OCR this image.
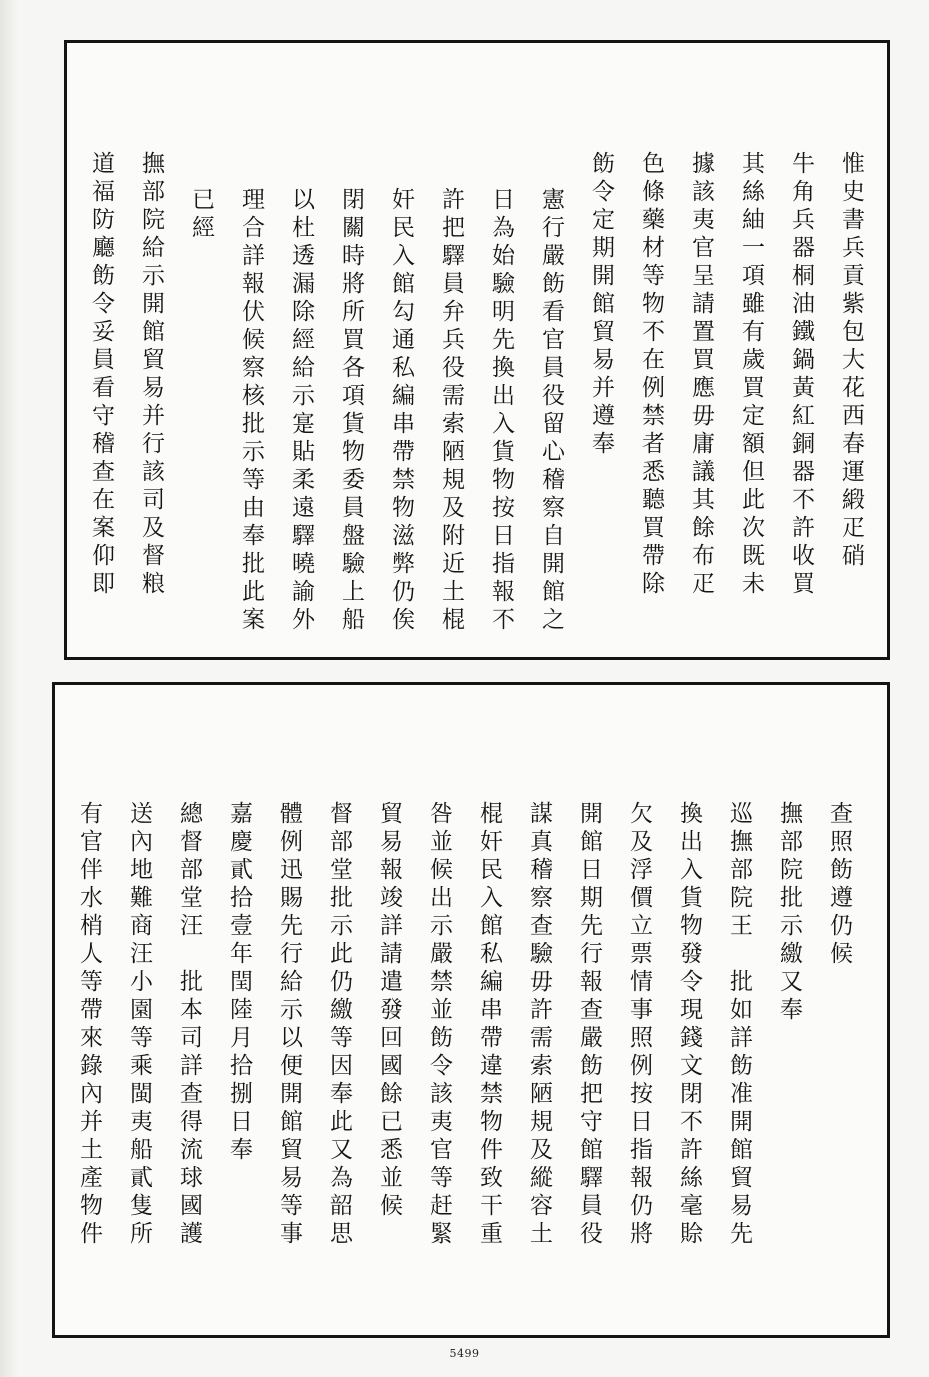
惟史書兵貢紫包大花西春運緞疋硝
牛角兵器桐油鐵鍋黃紅銅器不許收買
其絲紬一項雖有歲買定額但此次既未
據該夷官呈請置買應毋庸議其餘布疋
色條藥材等物不在例禁者悉聽買帶除
飭令定期開館貿易并遵奉
憲行嚴飭看官員役留心稽察自開館之
日為始驗明先換出入貨物按日指報不
許把驛員弁兵役需索陋規及附近土棍
奸民入館勾通私編串帶禁物滋弊仍俟
閉關時將所買各項貨物委員盤驗上船
以杜透漏除經給示寔貼柔遠驛曉諭外
理合詳報伏候察核批示等由奉批此案
已經
撫部院給示開館貿易并行該司及督粮
道福防廳飭令妥員看守稽查在案仰即
查照飭遵仍候
撫部院批示繳又奉
巡撫部院王　批如詳飭准開館貿易先
換出入貨物發令現錢文閉不許絲毫賒
欠及浮價立票情事照例按日指報仍將
開館日期先行報查嚴飭把守館驛員役
謀真稽察查驗毋許需索陋規及縱容土
棍奸民入館私編串帶違禁物件致干重
咎並候出示嚴禁並飭令該夷官等赶緊
貿易報竣詳請遣發回國餘已悉並候
督部堂批示此仍繳等因奉此又為韶思
體例迅賜先行給示以便開館貿易等事
嘉慶貳拾壹年閏陸月拾捌日奉
總督部堂汪　批本司詳查得流球國護
送內地難商汪小園等乘閩夷船貳隻所
有官伴水梢人等帶來錄內并土產物件
5499
